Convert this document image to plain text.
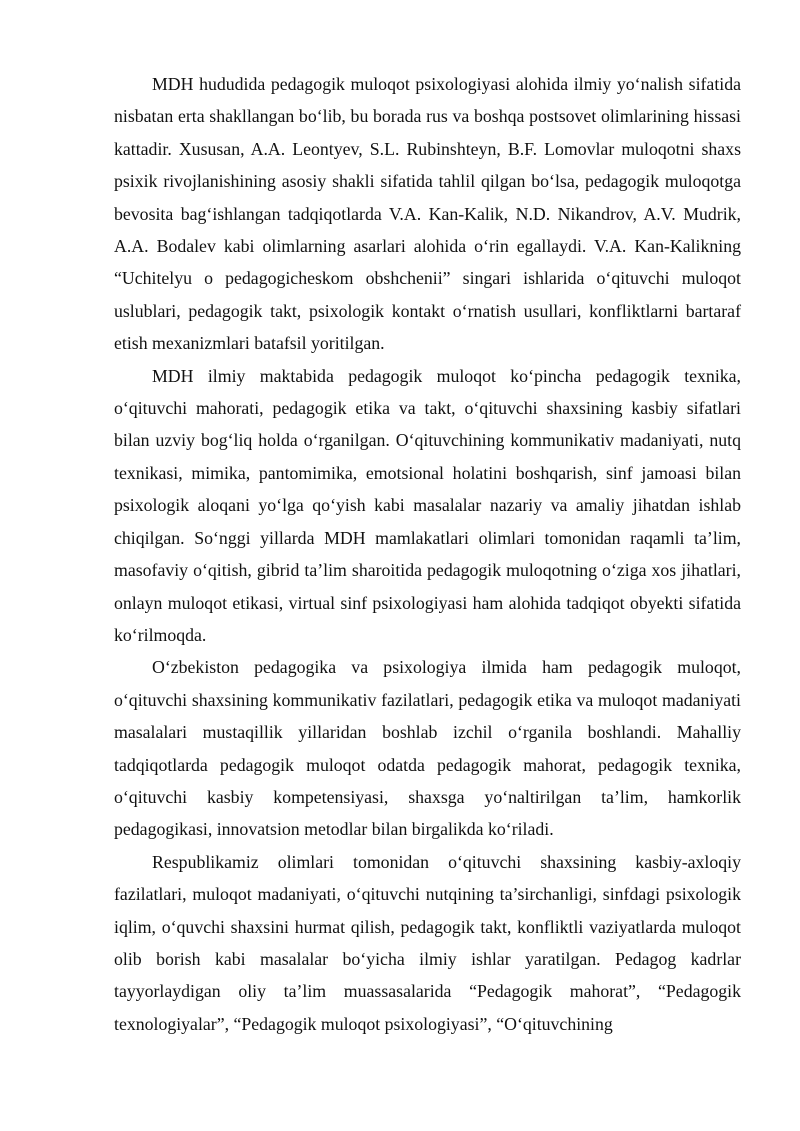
MDH hududida pedagogik muloqot psixologiyasi alohida ilmiy yo‘nalish sifatida nisbatan erta shakllangan bo‘lib, bu borada rus va boshqa postsovet olimlarining hissasi kattadir. Xususan, A.A. Leontyev, S.L. Rubinshteyn, B.F. Lomovlar muloqotni shaxs psixik rivojlanishining asosiy shakli sifatida tahlil qilgan bo‘lsa, pedagogik muloqotga bevosita bag‘ishlangan tadqiqotlarda V.A. Kan-Kalik, N.D. Nikandrov, A.V. Mudrik, A.A. Bodalev kabi olimlarning asarlari alohida o‘rin egallaydi. V.A. Kan-Kalikning “Uchitelyu o pedagogicheskom obshchenii” singari ishlarida o‘qituvchi muloqot uslublari, pedagogik takt, psixologik kontakt o‘rnatish usullari, konfliktlarni bartaraf etish mexanizmlari batafsil yoritilgan.

MDH ilmiy maktabida pedagogik muloqot ko‘pincha pedagogik texnika, o‘qituvchi mahorati, pedagogik etika va takt, o‘qituvchi shaxsining kasbiy sifatlari bilan uzviy bog‘liq holda o‘rganilgan. O‘qituvchining kommunikativ madaniyati, nutq texnikasi, mimika, pantomimika, emotsional holatini boshqarish, sinf jamoasi bilan psixologik aloqani yo‘lga qo‘yish kabi masalalar nazariy va amaliy jihatdan ishlab chiqilgan. So‘nggi yillarda MDH mamlakatlari olimlari tomonidan raqamli ta’lim, masofaviy o‘qitish, gibrid ta’lim sharoitida pedagogik muloqotning o‘ziga xos jihatlari, onlayn muloqot etikasi, virtual sinf psixologiyasi ham alohida tadqiqot obyekti sifatida ko‘rilmoqda.

O‘zbekiston pedagogika va psixologiya ilmida ham pedagogik muloqot, o‘qituvchi shaxsining kommunikativ fazilatlari, pedagogik etika va muloqot madaniyati masalalari mustaqillik yillaridan boshlab izchil o‘rganila boshlandi. Mahalliy tadqiqotlarda pedagogik muloqot odatda pedagogik mahorat, pedagogik texnika, o‘qituvchi kasbiy kompetensiyasi, shaxsga yo‘naltirilgan ta’lim, hamkorlik pedagogikasi, innovatsion metodlar bilan birgalikda ko‘riladi.

Respublikamiz olimlari tomonidan o‘qituvchi shaxsining kasbiy-axloqiy fazilatlari, muloqot madaniyati, o‘qituvchi nutqining ta’sirchanligi, sinfdagi psixologik iqlim, o‘quvchi shaxsini hurmat qilish, pedagogik takt, konfliktli vaziyatlarda muloqot olib borish kabi masalalar bo‘yicha ilmiy ishlar yaratilgan. Pedagog kadrlar tayyorlaydigan oliy ta’lim muassasalarida “Pedagogik mahorat”, “Pedagogik texnologiyalar”, “Pedagogik muloqot psixologiyasi”, “O‘qituvchining
